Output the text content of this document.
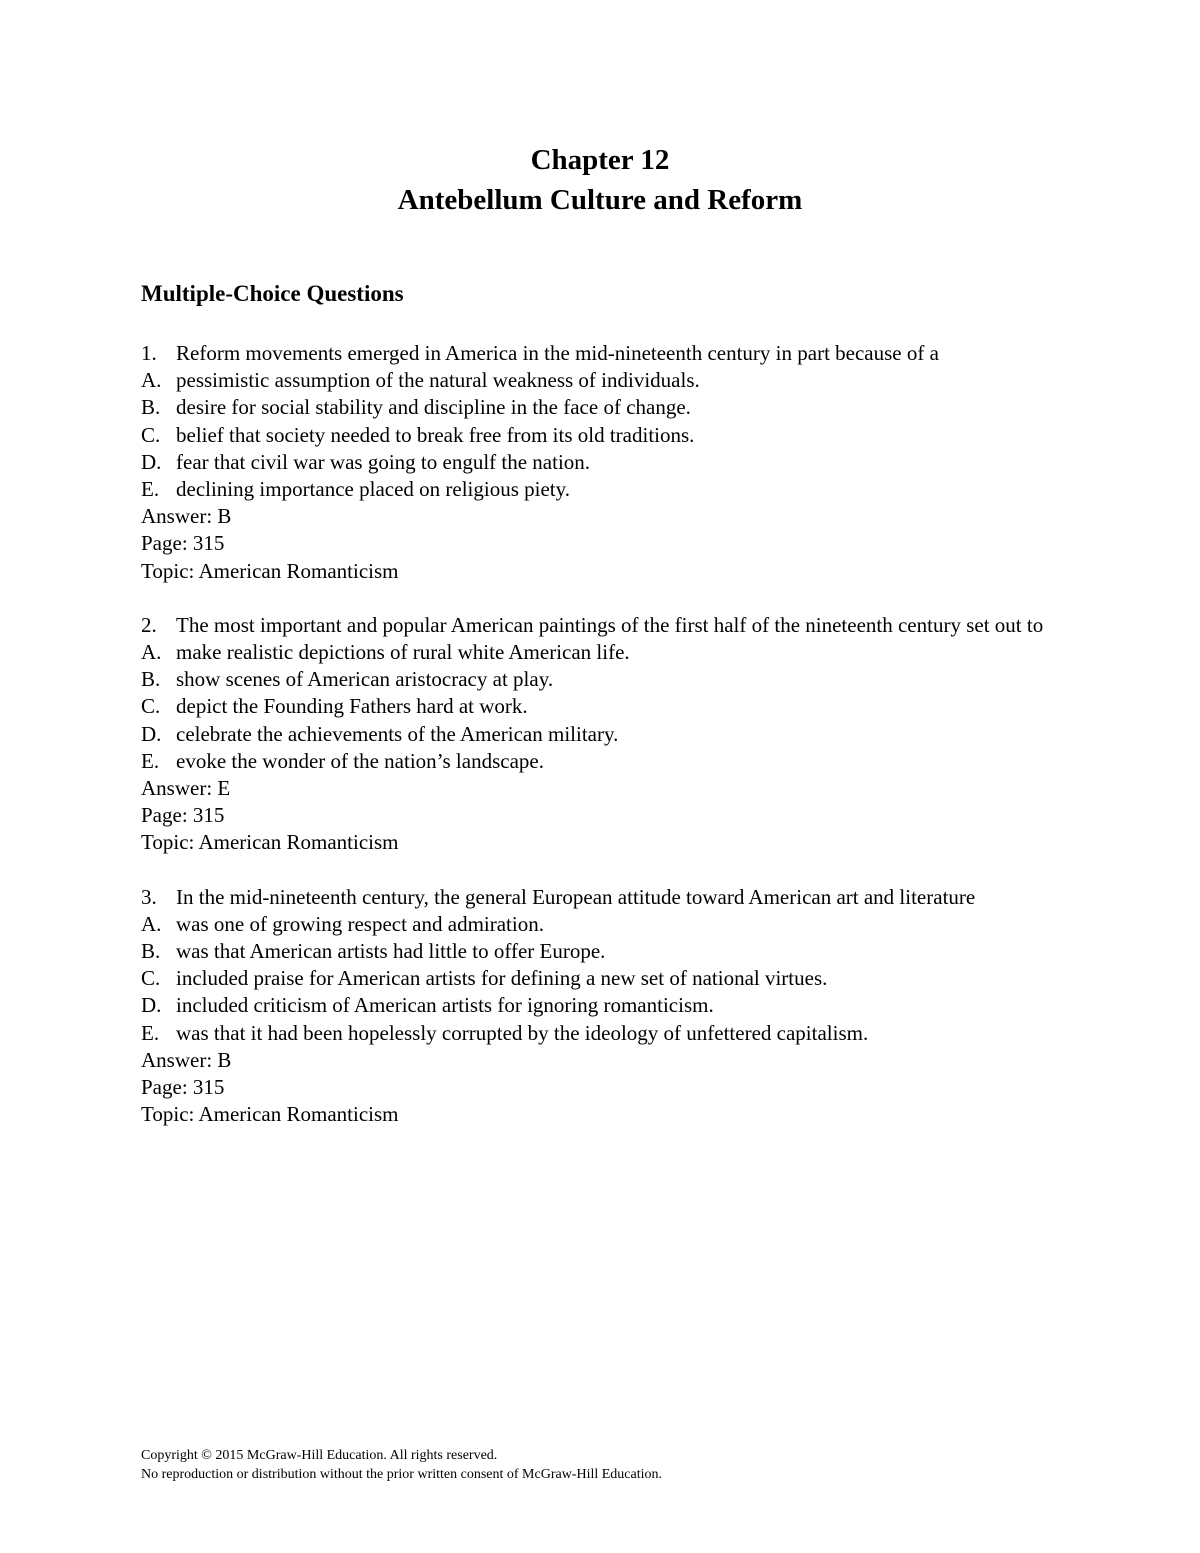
Chapter 12
Antebellum Culture and Reform
Multiple-Choice Questions
1. Reform movements emerged in America in the mid-nineteenth century in part because of a
A. pessimistic assumption of the natural weakness of individuals.
B. desire for social stability and discipline in the face of change.
C. belief that society needed to break free from its old traditions.
D. fear that civil war was going to engulf the nation.
E. declining importance placed on religious piety.
Answer: B
Page: 315
Topic: American Romanticism
2. The most important and popular American paintings of the first half of the nineteenth century set out to
A. make realistic depictions of rural white American life.
B. show scenes of American aristocracy at play.
C. depict the Founding Fathers hard at work.
D. celebrate the achievements of the American military.
E. evoke the wonder of the nation’s landscape.
Answer: E
Page: 315
Topic: American Romanticism
3. In the mid-nineteenth century, the general European attitude toward American art and literature
A. was one of growing respect and admiration.
B. was that American artists had little to offer Europe.
C. included praise for American artists for defining a new set of national virtues.
D. included criticism of American artists for ignoring romanticism.
E. was that it had been hopelessly corrupted by the ideology of unfettered capitalism.
Answer: B
Page: 315
Topic: American Romanticism
Copyright © 2015 McGraw-Hill Education. All rights reserved.
No reproduction or distribution without the prior written consent of McGraw-Hill Education.
